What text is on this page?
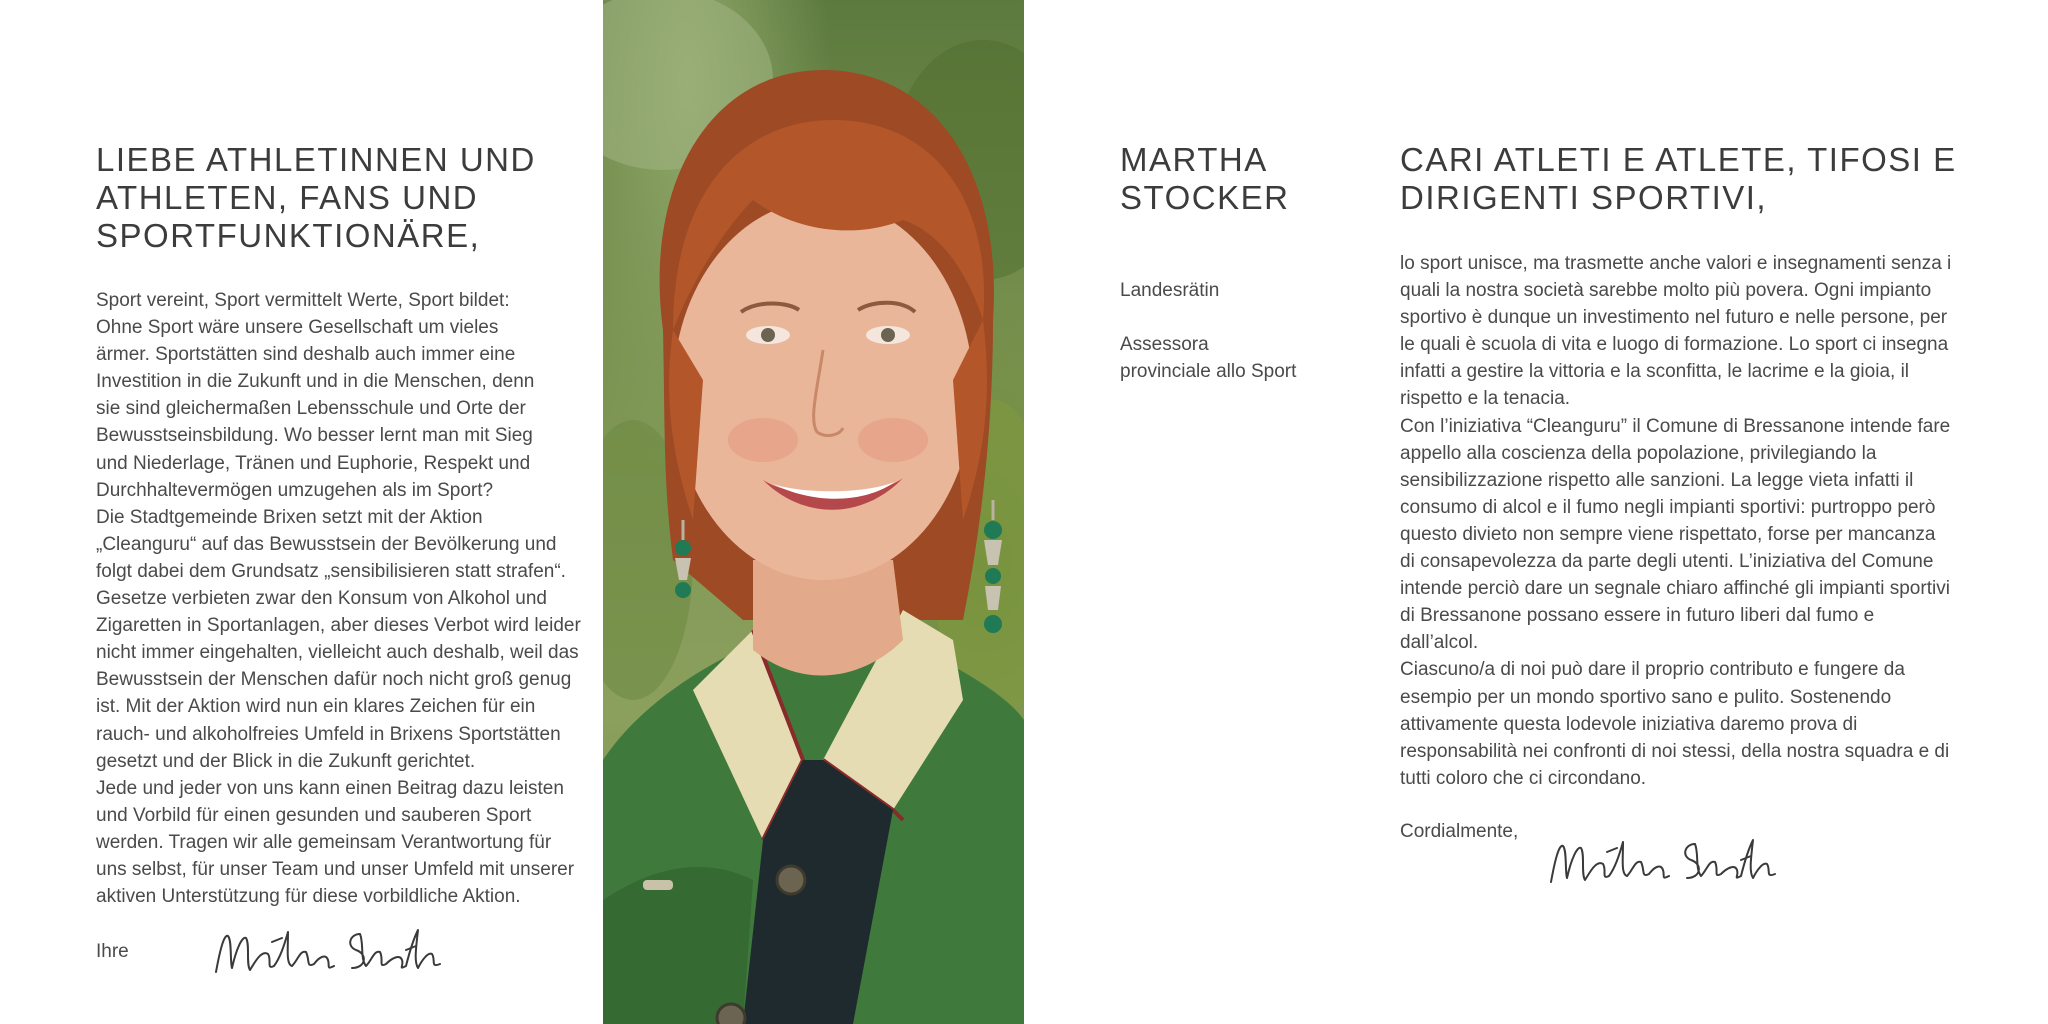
LIEBE ATHLETINNEN UND
ATHLETEN, FANS UND
SPORTFUNKTIONÄRE,

Sport vereint, Sport vermittelt Werte, Sport bildet:

Ohne Sport wäre unsere Gesellschaft um vieles

ärmer. Sportstätten sind deshalb auch immer eine

Investition in die Zukunft und in die Menschen, denn

sie sind gleichermaßen Lebensschule und Orte der

Bewusstseinsbildung. Wo besser lernt man mit Sieg

und Niederlage, Tränen und Euphorie, Respekt und

Durchhaltevermögen umzugehen als im Sport?

Die Stadtgemeinde Brixen setzt mit der Aktion

„Cleanguru“ auf das Bewusstsein der Bevölkerung und

folgt dabei dem Grundsatz „sensibilisieren statt strafen“.

Gesetze verbieten zwar den Konsum von Alkohol und

Zigaretten in Sportanlagen, aber dieses Verbot wird leider

nicht immer eingehalten, vielleicht auch deshalb, weil das

Bewusstsein der Menschen dafür noch nicht groß genug

ist. Mit der Aktion wird nun ein klares Zeichen für ein

rauch- und alkoholfreies Umfeld in Brixens Sportstätten

gesetzt und der Blick in die Zukunft gerichtet.

Jede und jeder von uns kann einen Beitrag dazu leisten

und Vorbild für einen gesunden und sauberen Sport

werden. Tragen wir alle gemeinsam Verantwortung für

uns selbst, für unser Team und unser Umfeld mit unserer

aktiven Unterstützung für diese vorbildliche Aktion.

Ihre
MARTHA
STOCKER

Landesrätin

Assessora
provinciale allo Sport

CARI ATLETI E ATLETE, TIFOSI E
DIRIGENTI SPORTIVI,

lo sport unisce, ma trasmette anche valori e insegnamenti senza i quali la nostra società sarebbe molto più povera. Ogni impianto sportivo è dunque un investimento nel futuro e nelle persone, per le quali è scuola di vita e luogo di formazione. Lo sport ci insegna infatti a gestire la vittoria e la sconfitta, le lacrime e la gioia, il rispetto e la tenacia.

Con l’iniziativa “Cleanguru” il Comune di Bressanone intende fare appello alla coscienza della popolazione, privilegiando la sensibilizzazione rispetto alle sanzioni. La legge vieta infatti il consumo di alcol e il fumo negli impianti sportivi: purtroppo però questo divieto non sempre viene rispettato, forse per mancanza di consapevolezza da parte degli utenti. L’iniziativa del Comune intende perciò dare un segnale chiaro affinché gli impianti sportivi di Bressanone possano essere in futuro liberi dal fumo e dall’alcol.

Ciascuno/a di noi può dare il proprio contributo e fungere da esempio per un mondo sportivo sano e pulito. Sostenendo attivamente questa lodevole iniziativa daremo prova di responsabilità nei confronti di noi stessi, della nostra squadra e di tutti coloro che ci circondano.

Cordialmente,
